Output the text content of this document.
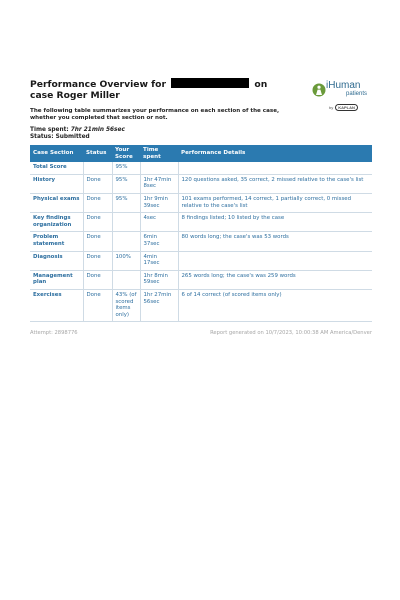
Performance Overview for	on case Roger Miller
iHuman
patients
by KAPLAN
The following table summarizes your performance on each section of the case, whether you completed that section or not.
Time spent: 7hr 21min 56sec
Status: Submitted
Case Section	Status	Your Score	Time spent	Performance Details
Total Score		95%		
History	Done	95%	1hr 47min 8sec	120 questions asked, 35 correct, 2 missed relative to the case's list
Physical exams	Done	95%	1hr 9min 39sec	101 exams performed, 14 correct, 1 partially correct, 0 missed relative to the case's list
Key findings organization	Done		4sec	8 findings listed; 10 listed by the case
Problem statement	Done		6min 37sec	80 words long; the case's was 53 words
Diagnosis	Done	100%	4min 17sec	
Management plan	Done		1hr 8min 59sec	265 words long; the case's was 259 words
Exercises	Done	43% (of scored items only)	1hr 27min 56sec	6 of 14 correct (of scored items only)
Attempt: 2898776	Report generated on 10/7/2023, 10:00:38 AM America/Denver
